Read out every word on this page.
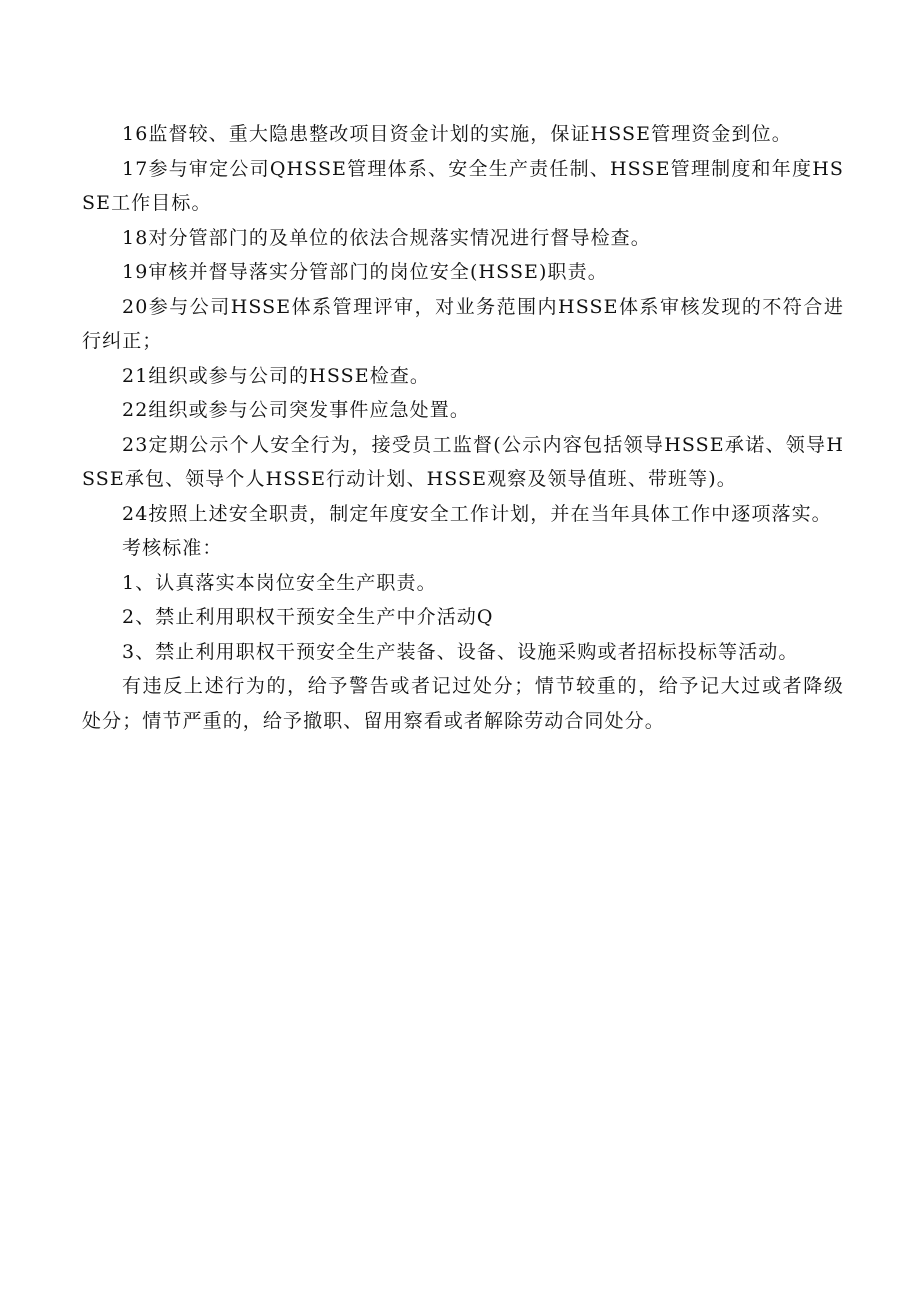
16监督较、重大隐患整改项目资金计划的实施，保证HSSE管理资金到位。

17参与审定公司QHSSE管理体系、安全生产责任制、HSSE管理制度和年度HSSE工作目标。

18对分管部门的及单位的依法合规落实情况进行督导检查。

19审核并督导落实分管部门的岗位安全(HSSE)职责。

20参与公司HSSE体系管理评审，对业务范围内HSSE体系审核发现的不符合进行纠正；

21组织或参与公司的HSSE检查。

22组织或参与公司突发事件应急处置。

23定期公示个人安全行为，接受员工监督(公示内容包括领导HSSE承诺、领导HSSE承包、领导个人HSSE行动计划、HSSE观察及领导值班、带班等)。

24按照上述安全职责，制定年度安全工作计划，并在当年具体工作中逐项落实。

考核标准：

1、认真落实本岗位安全生产职责。

2、禁止利用职权干预安全生产中介活动Q

3、禁止利用职权干预安全生产装备、设备、设施采购或者招标投标等活动。

有违反上述行为的，给予警告或者记过处分；情节较重的，给予记大过或者降级处分；情节严重的，给予撤职、留用察看或者解除劳动合同处分。
